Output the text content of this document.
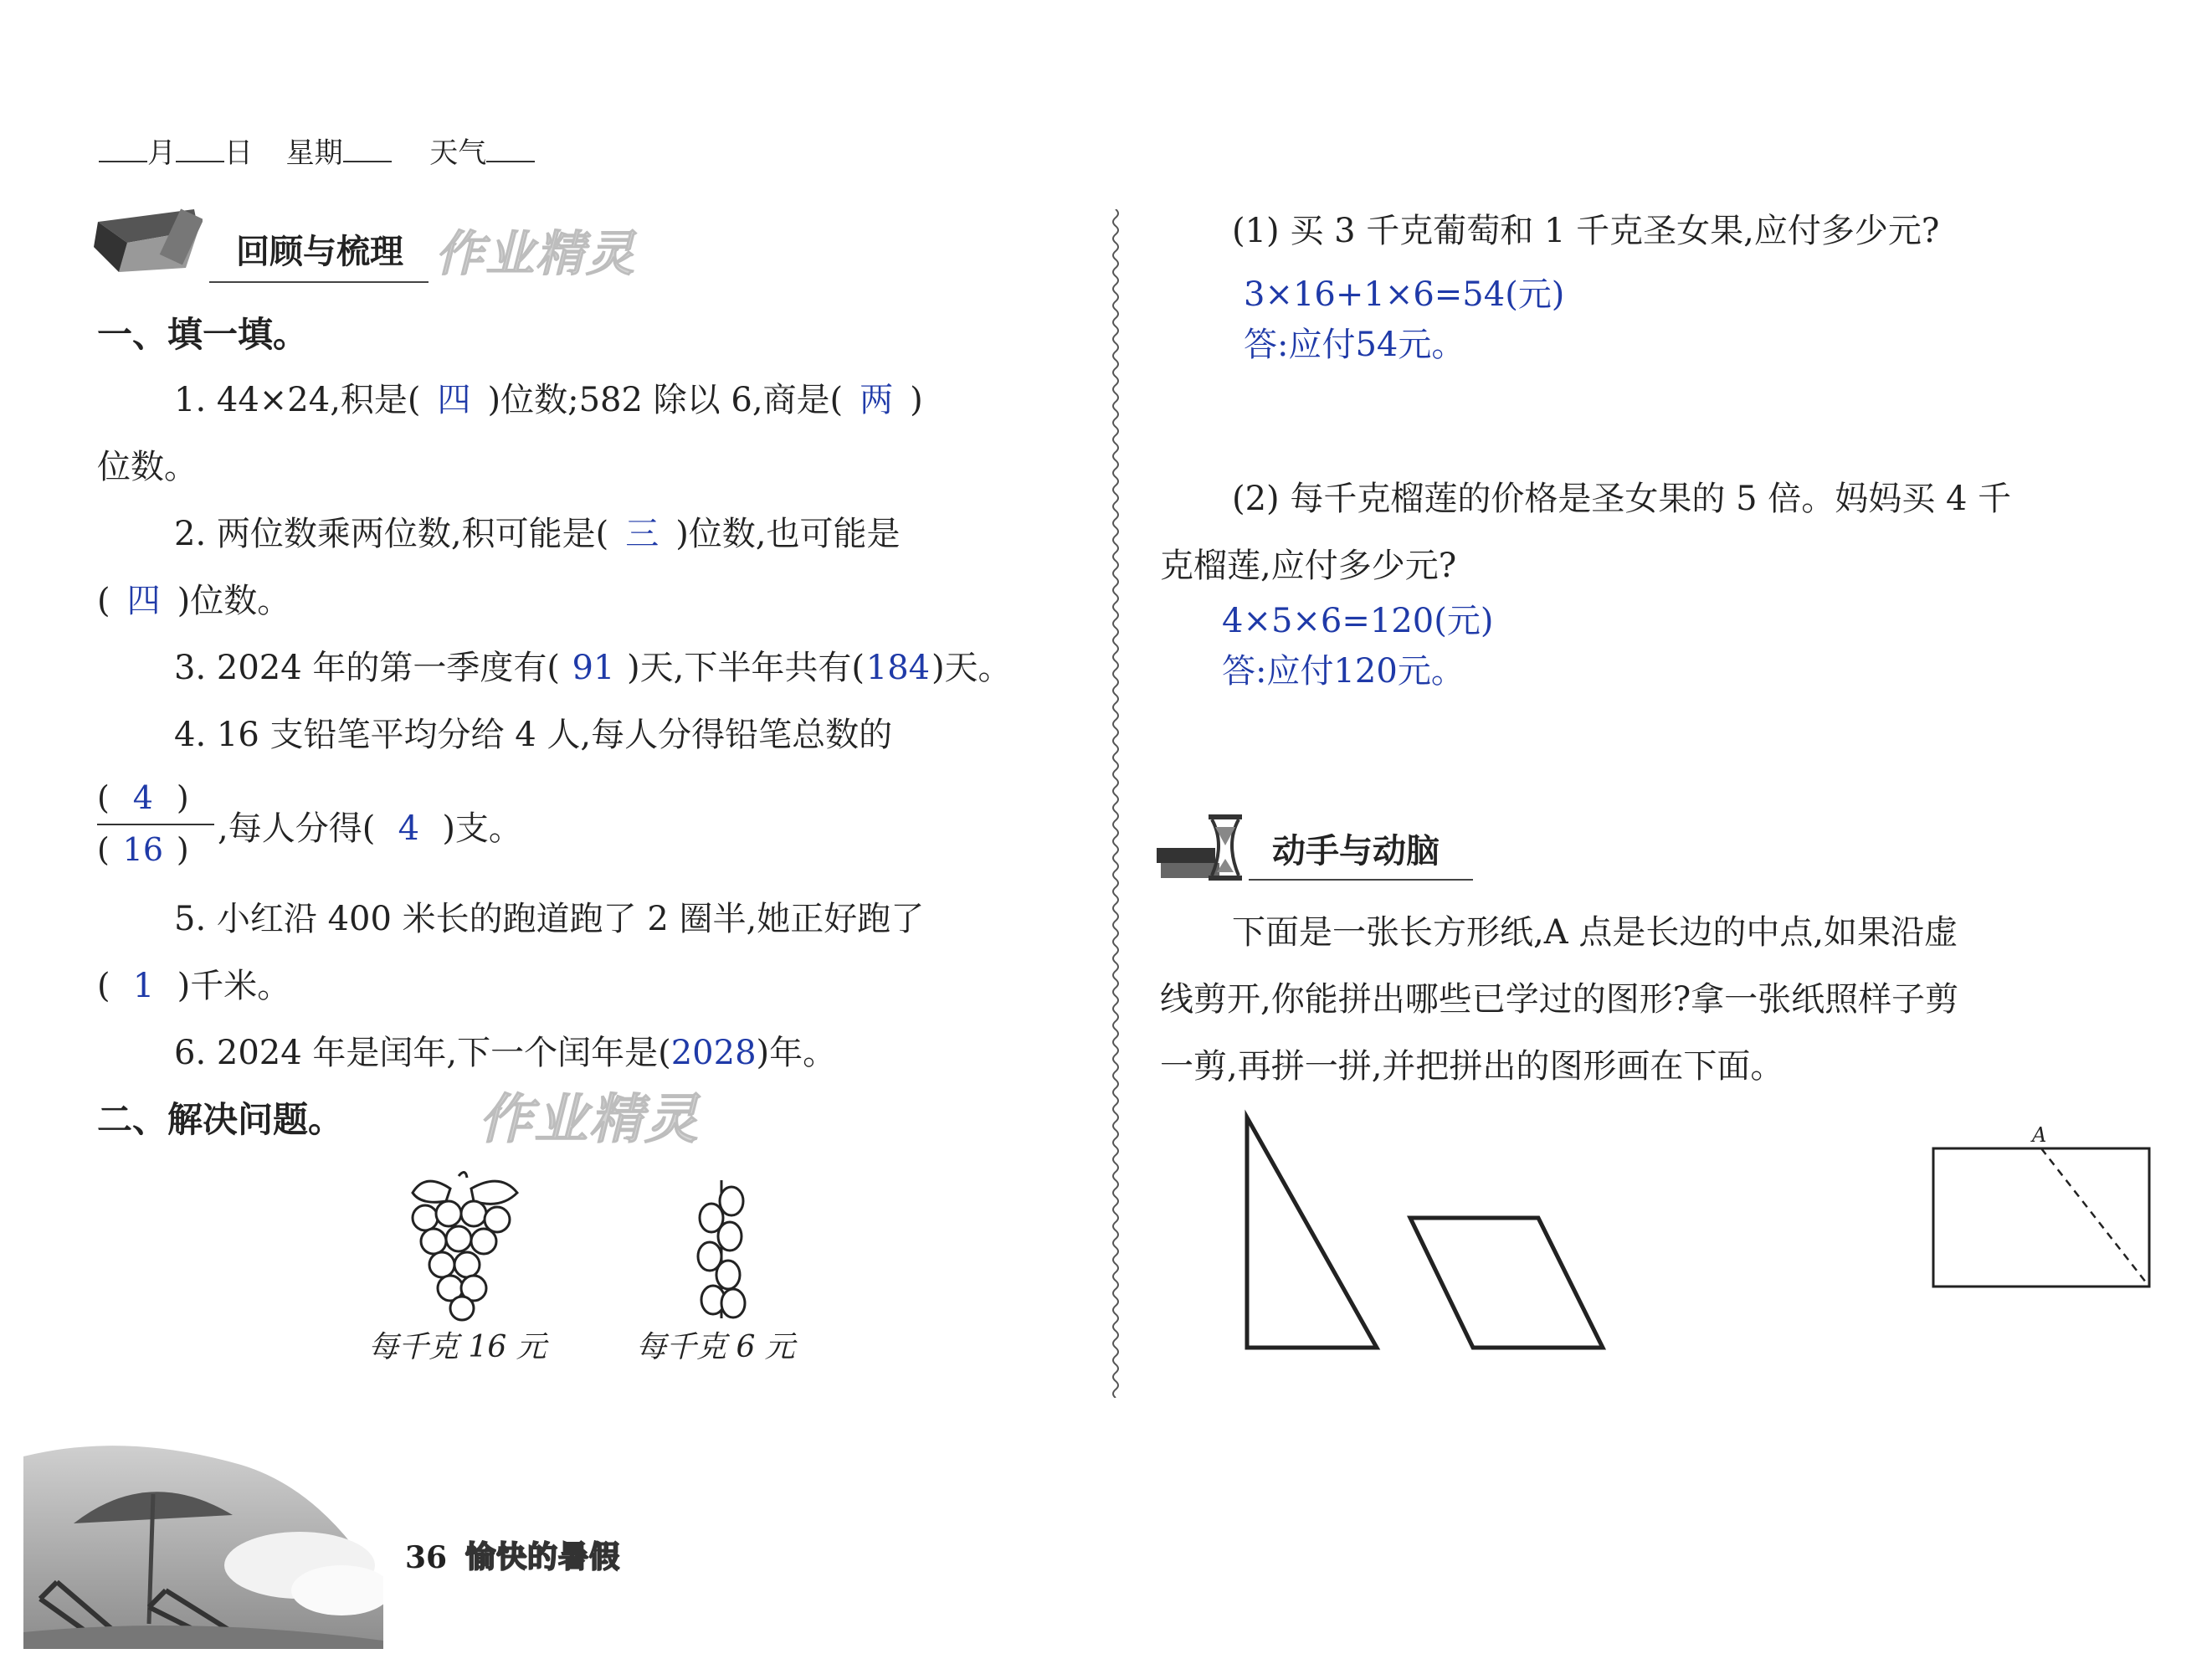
月 日 星期	天气
回顾与梳理 作业精灵
一、填一填。
1. 44×24,积是( 四 )位数;582 除以 6,商是( 两 )
位数。
2. 两位数乘两位数,积可能是( 三 )位数,也可能是
( 四 )位数。
3. 2024 年的第一季度有( 91 )天,下半年共有(184)天。
4. 16 支铅笔平均分给 4 人,每人分得铅笔总数的
( 4 )
( 16 )
,每人分得( 4 )支。
5. 小红沿 400 米长的跑道跑了 2 圈半,她正好跑了
( 1 )千米。
6. 2024 年是闰年,下一个闰年是(2028)年。
二、解决问题。	作业精灵
每千克 16 元	每千克 6 元
(1) 买 3 千克葡萄和 1 千克圣女果,应付多少元?
3×16+1×6=54(元)
答:应付54元。
(2) 每千克榴莲的价格是圣女果的 5 倍。妈妈买 4 千
克榴莲,应付多少元?
4×5×6=120(元)
答:应付120元。
动手与动脑
下面是一张长方形纸,A 点是长边的中点,如果沿虚
线剪开,你能拼出哪些已学过的图形?拿一张纸照样子剪
一剪,再拼一拼,并把拼出的图形画在下面。
A
36 愉快的暑假
